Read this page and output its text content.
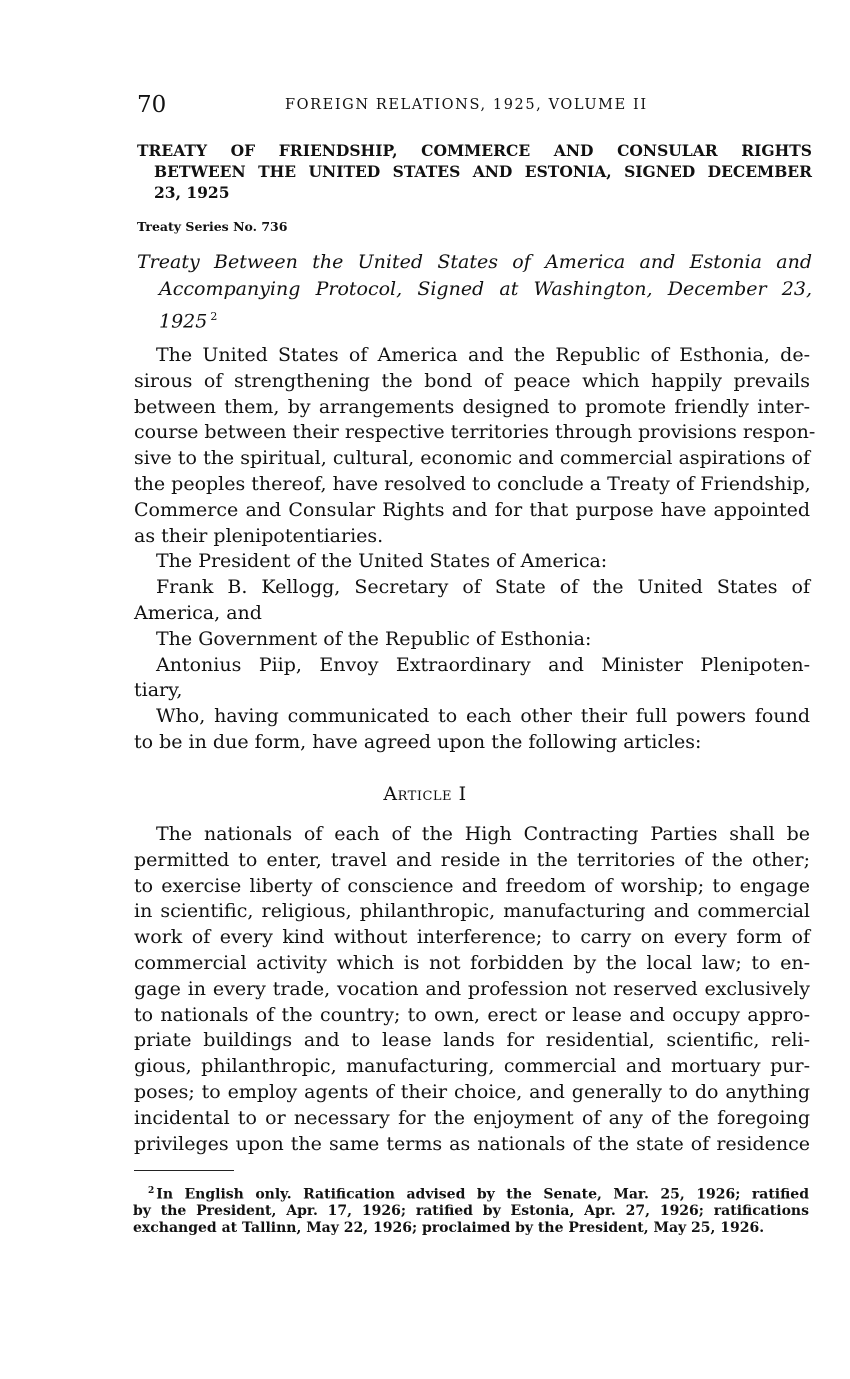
70	FOREIGN RELATIONS, 1925, VOLUME II
TREATY OF FRIENDSHIP, COMMERCE AND CONSULAR RIGHTS
BETWEEN THE UNITED STATES AND ESTONIA, SIGNED DECEMBER
23, 1925
Treaty Series No. 736
Treaty Between the United States of America and Estonia and
Accompanying Protocol, Signed at Washington, December 23,
1925 $^2$
The United States of America and the Republic of Esthonia, de-
sirous of strengthening the bond of peace which happily prevails
between them, by arrangements designed to promote friendly inter-
course between their respective territories through provisions respon-
sive to the spiritual, cultural, economic and commercial aspirations of
the peoples thereof, have resolved to conclude a Treaty of Friendship,
Commerce and Consular Rights and for that purpose have appointed
as their plenipotentiaries.
The President of the United States of America:
Frank B. Kellogg, Secretary of State of the United States of
America, and
The Government of the Republic of Esthonia:
Antonius Piip, Envoy Extraordinary and Minister Plenipoten-
tiary,
Who, having communicated to each other their full powers found
to be in due form, have agreed upon the following articles:
Article I
The nationals of each of the High Contracting Parties shall be
permitted to enter, travel and reside in the territories of the other;
to exercise liberty of conscience and freedom of worship; to engage
in scientific, religious, philanthropic, manufacturing and commercial
work of every kind without interference; to carry on every form of
commercial activity which is not forbidden by the local law; to en-
gage in every trade, vocation and profession not reserved exclusively
to nationals of the country; to own, erect or lease and occupy appro-
priate buildings and to lease lands for residential, scientific, reli-
gious, philanthropic, manufacturing, commercial and mortuary pur-
poses; to employ agents of their choice, and generally to do anything
incidental to or necessary for the enjoyment of any of the foregoing
privileges upon the same terms as nationals of the state of residence
$^2$ In English only. Ratification advised by the Senate, Mar. 25, 1926; ratified
by the President, Apr. 17, 1926; ratified by Estonia, Apr. 27, 1926; ratifications
exchanged at Tallinn, May 22, 1926; proclaimed by the President, May 25, 1926.
